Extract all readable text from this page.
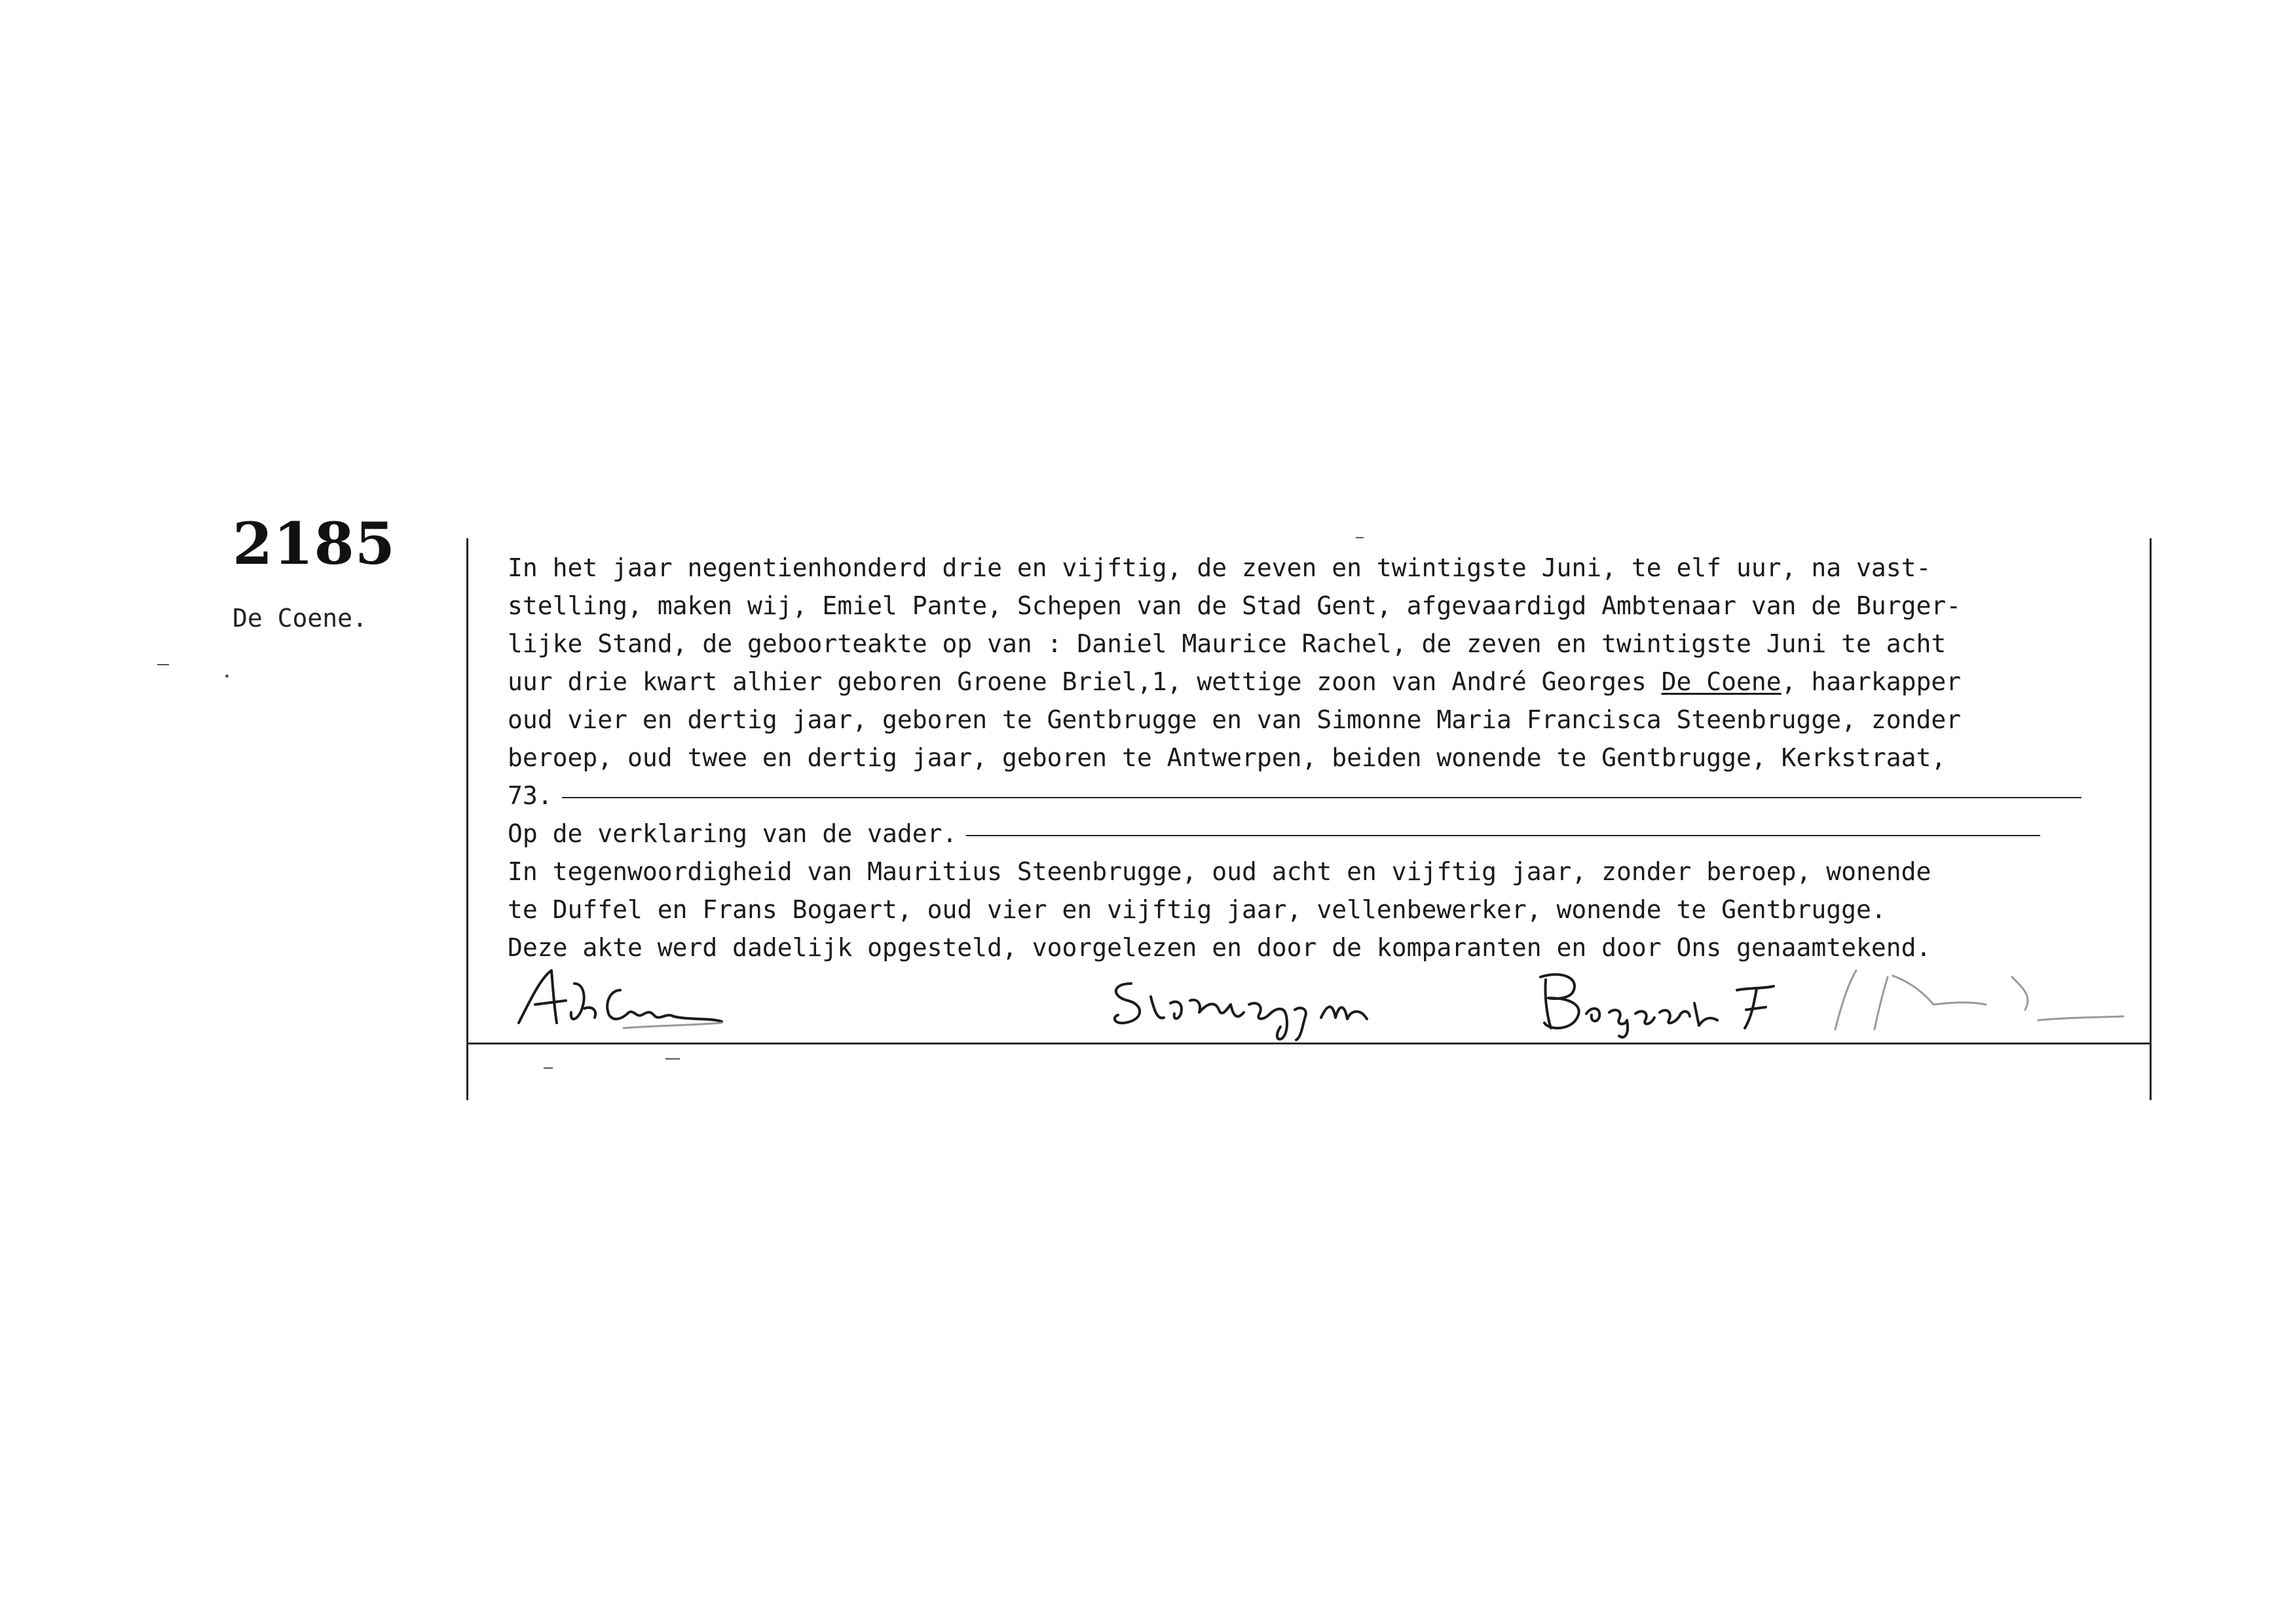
2185
De Coene.
In het jaar negentienhonderd drie en vijftig, de zeven en twintigste Juni, te elf uur, na vast-
stelling, maken wij, Emiel Pante, Schepen van de Stad Gent, afgevaardigd Ambtenaar van de Burger-
lijke Stand, de geboorteakte op van : Daniel Maurice Rachel, de zeven en twintigste Juni te acht
uur drie kwart alhier geboren Groene Briel,1, wettige zoon van André Georges De Coene, haarkapper
oud vier en dertig jaar, geboren te Gentbrugge en van Simonne Maria Francisca Steenbrugge, zonder
beroep, oud twee en dertig jaar, geboren te Antwerpen, beiden wonende te Gentbrugge, Kerkstraat,
73.
Op de verklaring van de vader.
In tegenwoordigheid van Mauritius Steenbrugge, oud acht en vijftig jaar, zonder beroep, wonende
te Duffel en Frans Bogaert, oud vier en vijftig jaar, vellenbewerker, wonende te Gentbrugge.
Deze akte werd dadelijk opgesteld, voorgelezen en door de komparanten en door Ons genaamtekend.
